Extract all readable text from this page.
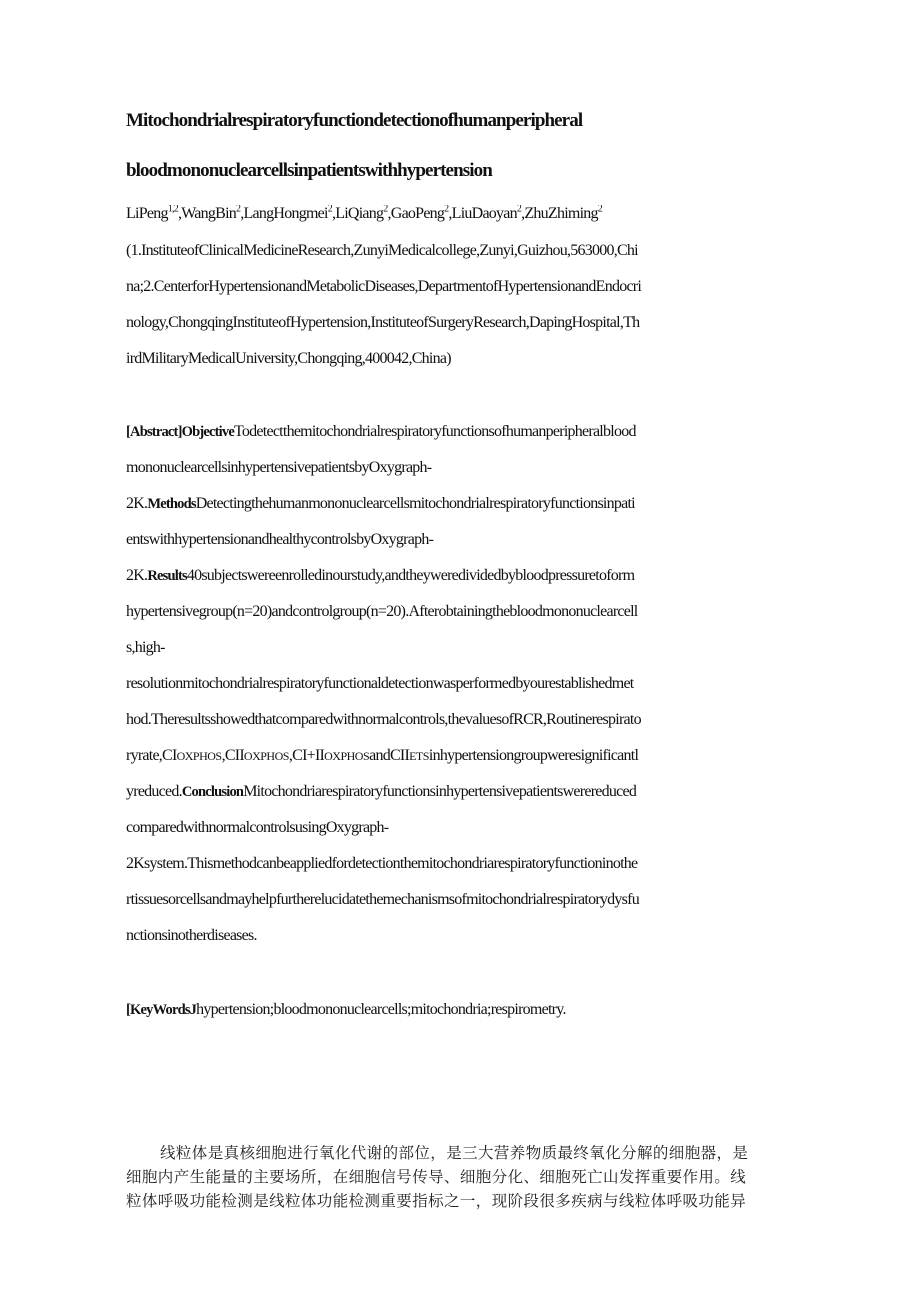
Mitochondrialrespiratoryfunctiondetectionofhumanperipheral
bloodmononuclearcellsinpatientswithhypertension
LiPeng$^{1,2}$,WangBin$^2$,LangHongmei$^2$,LiQiang$^2$,GaoPeng$^2$,LiuDaoyan$^2$,ZhuZhiming$^2$
(1.InstituteofClinicalMedicineResearch,ZunyiMedicalcollege,Zunyi,Guizhou,563000,Chi
na;2.CenterforHypertensionandMetabolicDiseases,DepartmentofHypertensionandEndocri
nology,ChongqingInstituteofHypertension,InstituteofSurgeryResearch,DapingHospital,Th
irdMilitaryMedicalUniversity,Chongqing,400042,China)
[Abstract]ObjectiveTodetectthemitochondrialrespiratoryfunctionsofhumanperipheralblood
mononuclearcellsinhypertensivepatientsbyOxygraph-
2K.MethodsDetectingthehumanmononuclearcellsmitochondrialrespiratoryfunctionsinpati
entswithhypertensionandhealthycontrolsbyOxygraph-
2K.Results40subjectswereenrolledinourstudy,andtheyweredividedbybloodpressuretoform
hypertensivegroup(n=20)andcontrolgroup(n=20).Afterobtainingthebloodmononuclearcell
s,high-
resolutionmitochondrialrespiratoryfunctionaldetectionwasperformedbyourestablishedmet
hod.Theresultsshowedthatcomparedwithnormalcontrols,thevaluesofRCR,Routinerespirato
ryrate,CIOXPHOS,CIIOXPHOS,CI+IIOXPHOSandCIIETSinhypertensiongroupweresignificantl
yreduced.ConclusionMitochondriarespiratoryfunctionsinhypertensivepatientswerereduced
comparedwithnormalcontrolsusingOxygraph-
2Ksystem.Thismethodcanbeappliedfordetectionthemitochondriarespiratoryfunctioninothe
rtissuesorcellsandmayhelpfurtherelucidatethemechanismsofmitochondrialrespiratorydysfu
nctionsinotherdiseases.
[KeyWordsJhypertension;bloodmononuclearcells;mitochondria;respirometry.
线粒体是真核细胞进行氧化代谢的部位，是三大营养物质最终氧化分解的细胞器，是
细胞内产生能量的主要场所，在细胞信号传导、细胞分化、细胞死亡山发挥重要作用。线
粒体呼吸功能检测是线粒体功能检测重要指标之一，现阶段很多疾病与线粒体呼吸功能异
